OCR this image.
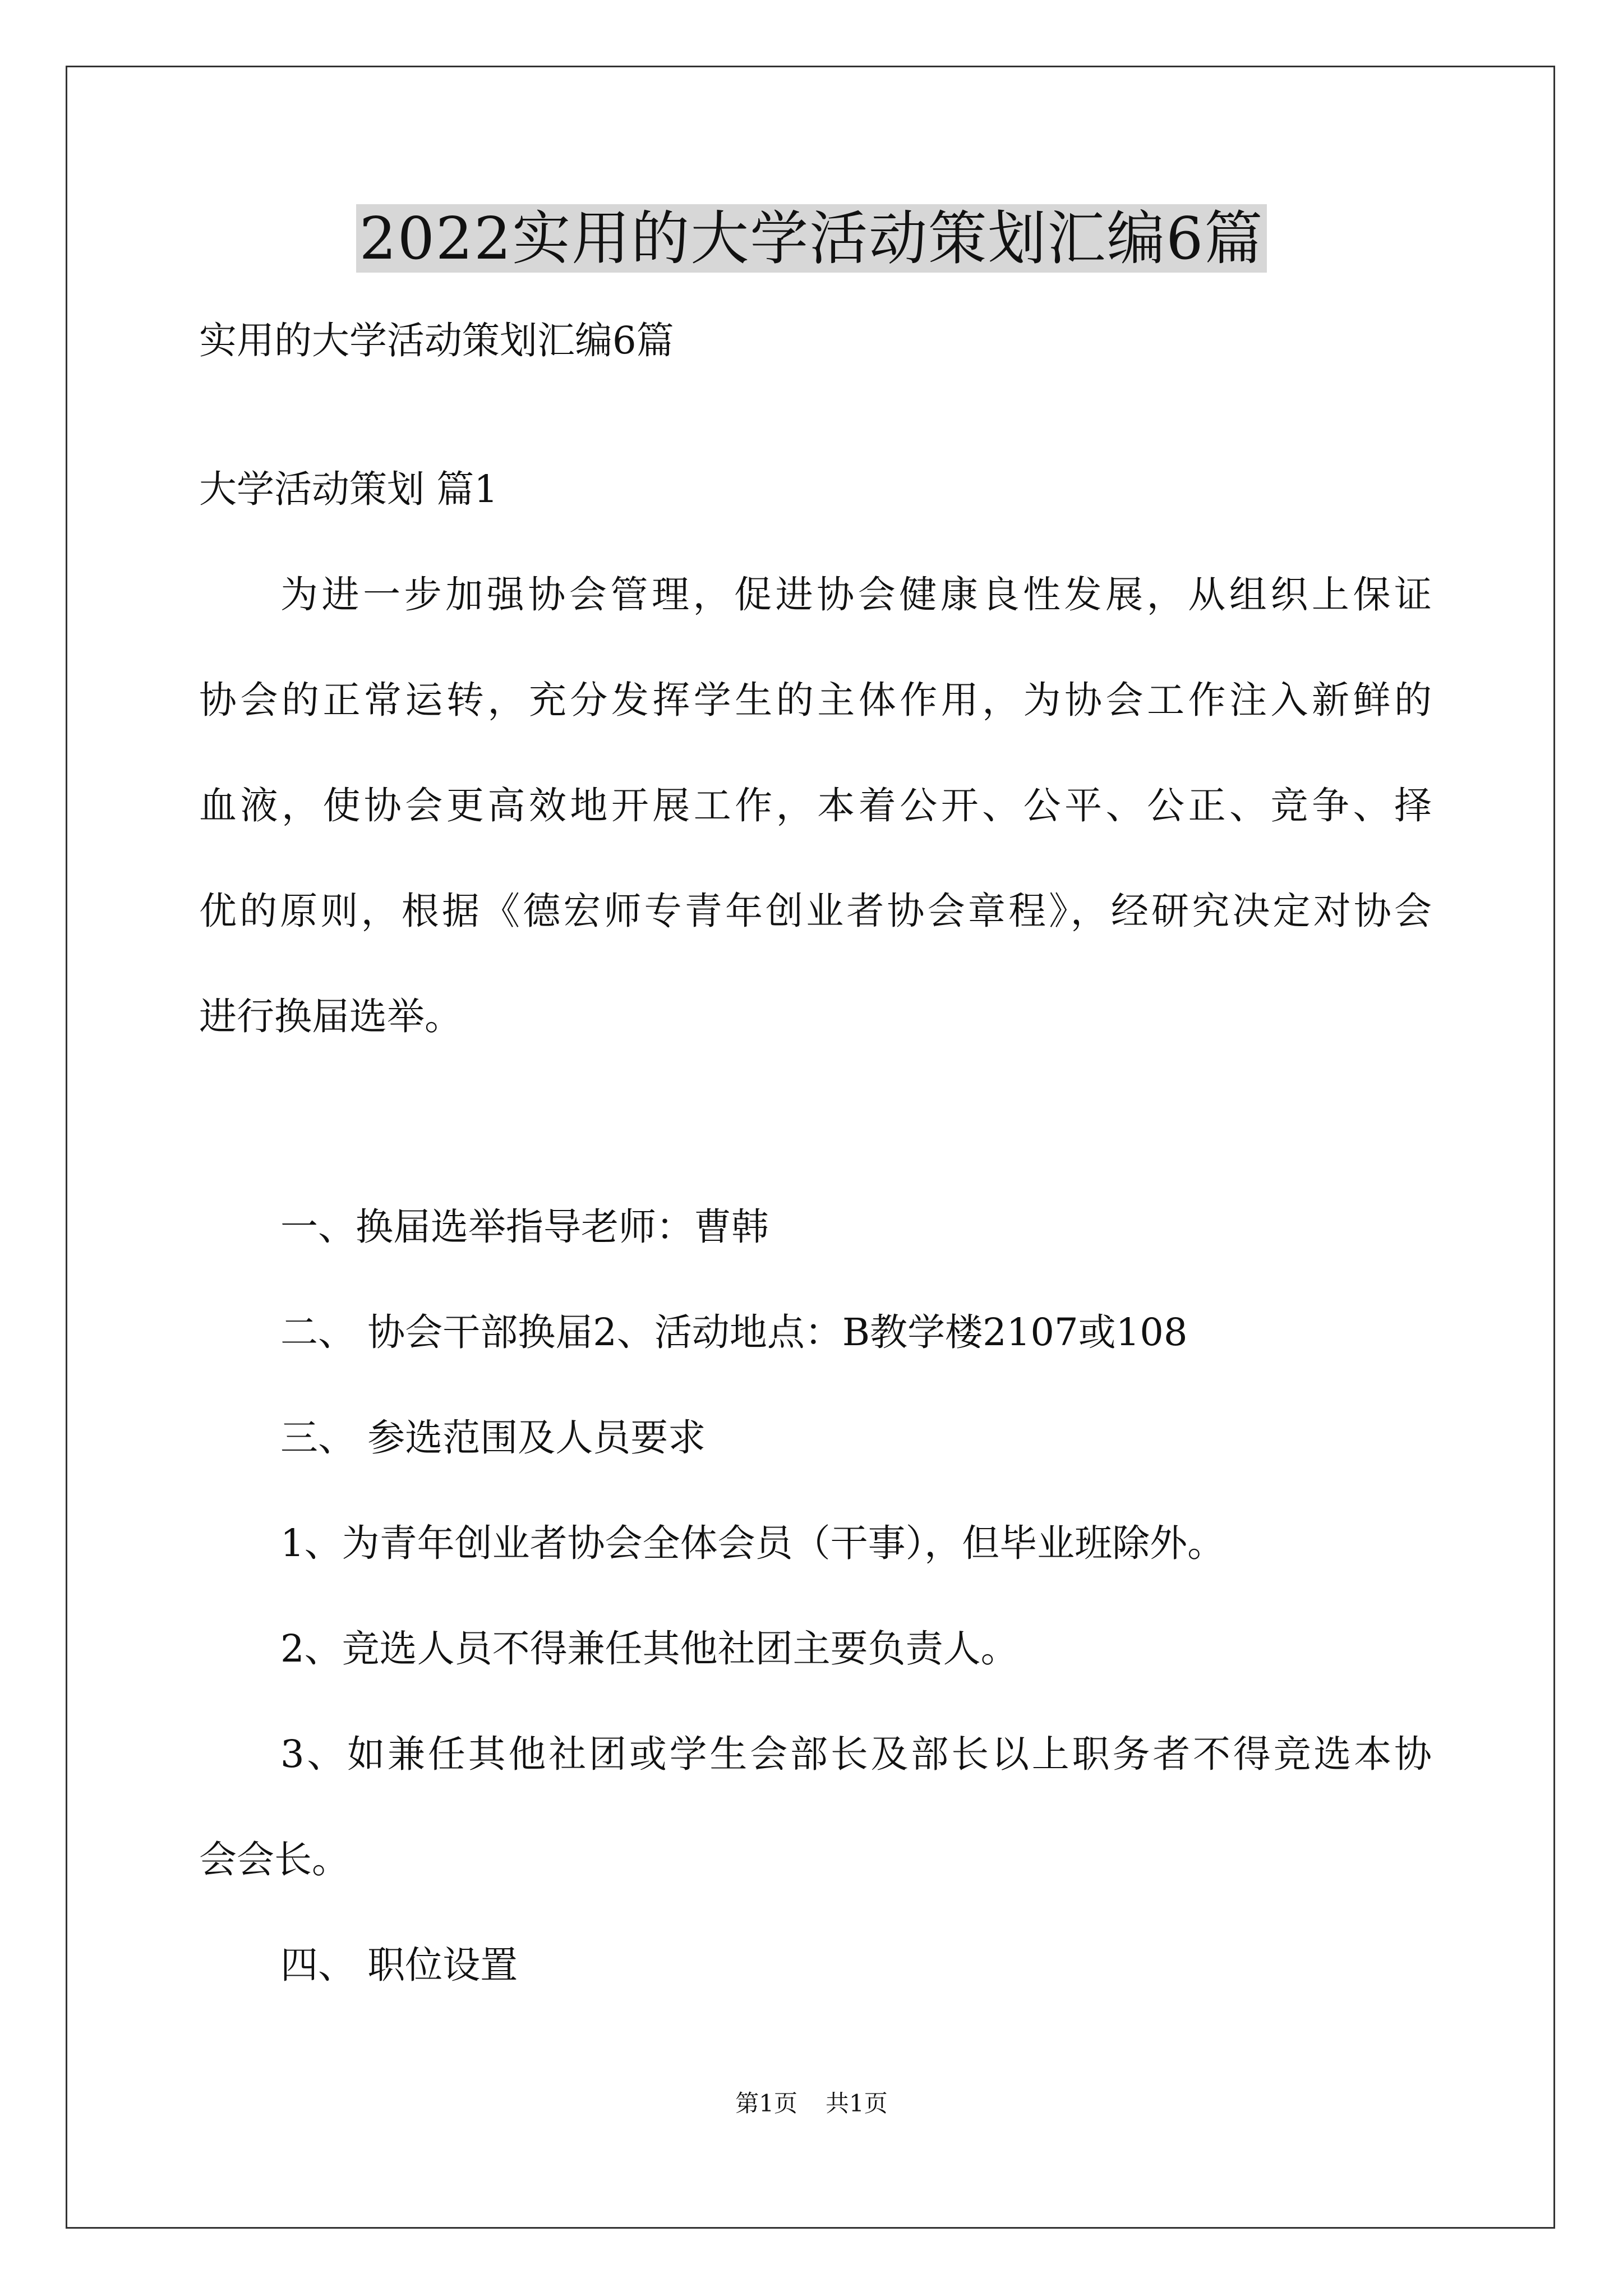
2022实用的大学活动策划汇编6篇

实用的大学活动策划汇编6篇

大学活动策划 篇1

为进一步加强协会管理，促进协会健康良性发展，从组织上保证

协会的正常运转，充分发挥学生的主体作用，为协会工作注入新鲜的

血液，使协会更高效地开展工作，本着公开、公平、公正、竞争、择

优的原则，根据《德宏师专青年创业者协会章程》，经研究决定对协会

进行换届选举。

一、换届选举指导老师：曹韩

二、 协会干部换届2、活动地点：B教学楼2107或108

三、 参选范围及人员要求

1、为青年创业者协会全体会员（干事），但毕业班除外。

2、竞选人员不得兼任其他社团主要负责人。

3、如兼任其他社团或学生会部长及部长以上职务者不得竞选本协

会会长。

四、 职位设置

第1页 共1页
